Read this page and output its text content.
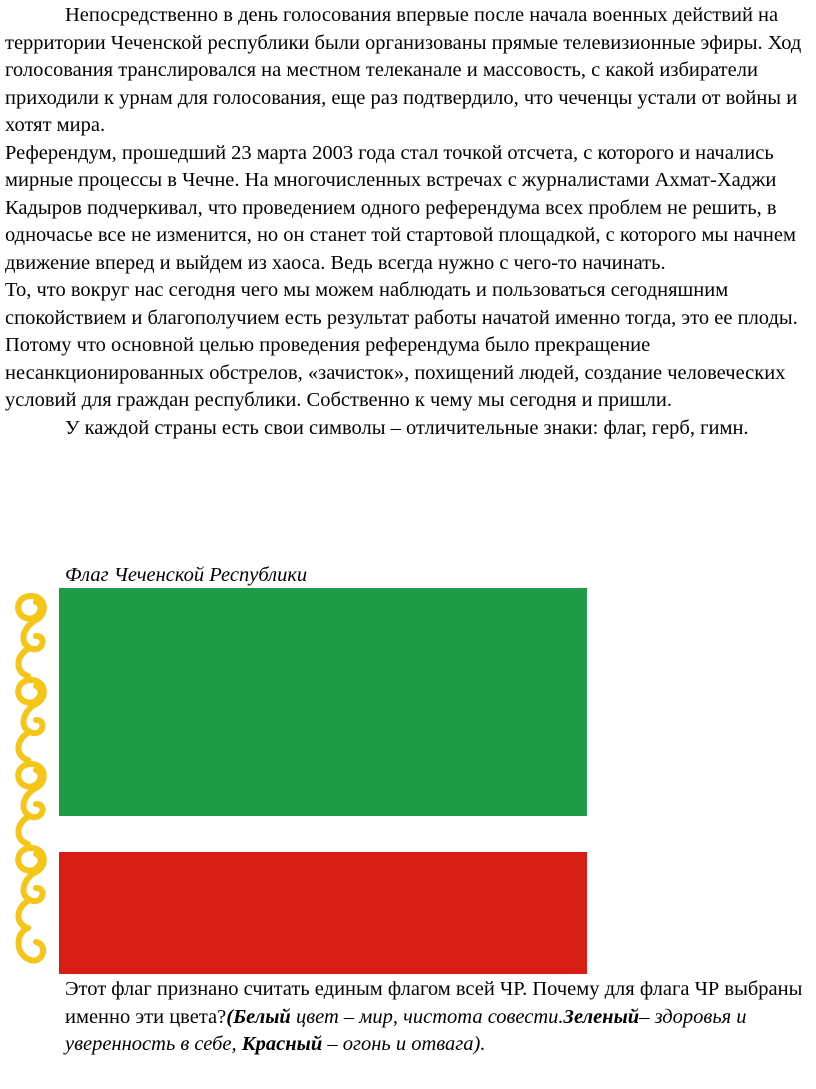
Непосредственно в день голосования впервые после начала военных действий на территории Чеченской республики были организованы прямые телевизионные эфиры. Ход голосования транслировался на местном телеканале и массовость, с какой избиратели приходили к урнам для голосования, еще раз подтвердило, что чеченцы устали от войны и хотят мира.

Референдум, прошедший 23 марта 2003 года стал точкой отсчета, с которого и начались мирные процессы в Чечне. На многочисленных встречах с журналистами Ахмат-Хаджи Кадыров подчеркивал, что проведением одного референдума всех проблем не решить, в одночасье все не изменится, но он станет той стартовой площадкой, с которого мы начнем движение вперед и выйдем из хаоса. Ведь всегда нужно с чего-то начинать.

То, что вокруг нас сегодня чего мы можем наблюдать и пользоваться сегодняшним спокойствием и благополучием есть результат работы начатой именно тогда, это ее плоды. Потому что основной целью проведения референдума было прекращение несанкционированных обстрелов, «зачисток», похищений людей, создание человеческих условий для граждан республики. Собственно к чему мы сегодня и пришли.

У каждой страны есть свои символы – отличительные знаки: флаг, герб, гимн.

Флаг Чеченской Республики

Этот флаг признано считать единым флагом всей ЧР. Почему для флага ЧР выбраны именно эти цвета?(Белый цвет – мир, чистота совести.Зеленый– здоровья и уверенность в себе, Красный – огонь и отвага).
